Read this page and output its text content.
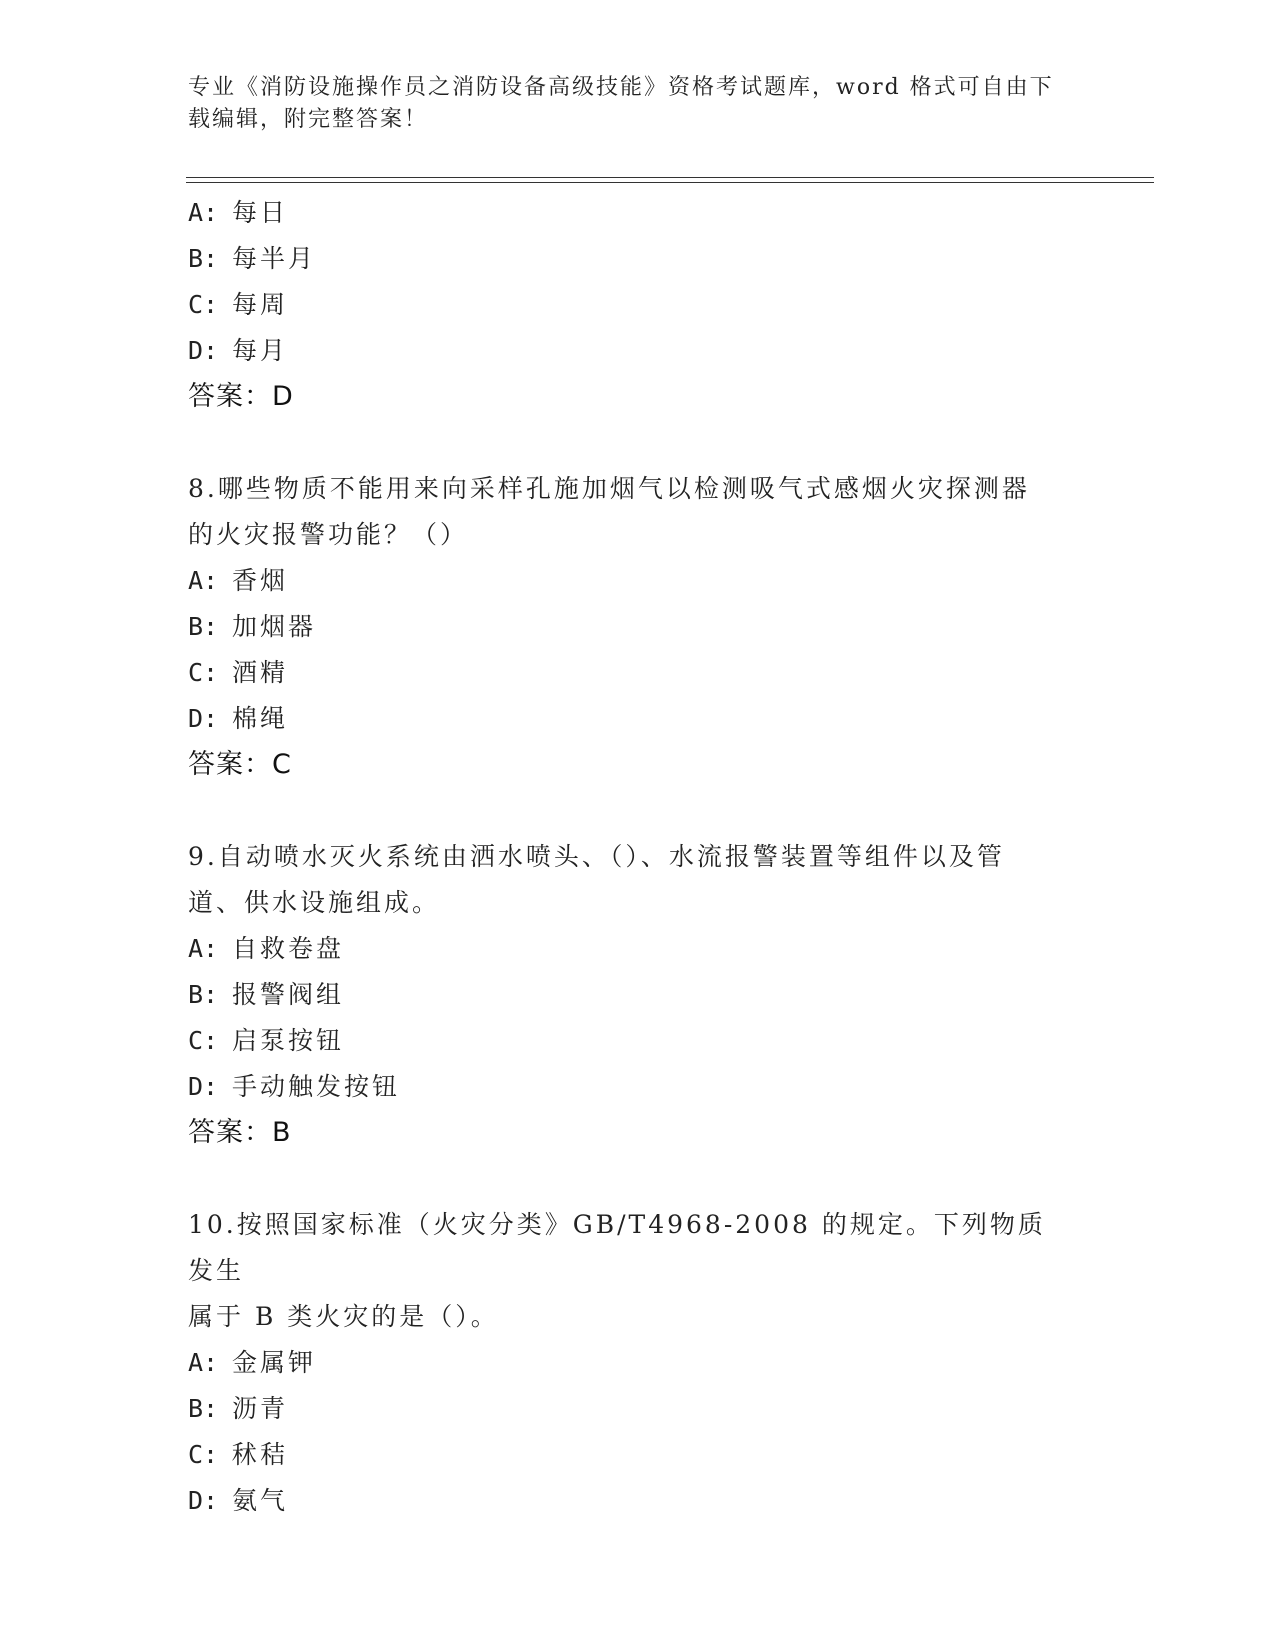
专业《消防设施操作员之消防设备高级技能》资格考试题库，word 格式可自由下
载编辑，附完整答案！
A: 每日
B: 每半月
C: 每周
D: 每月
答案：D
8.哪些物质不能用来向采样孔施加烟气以检测吸气式感烟火灾探测器
的火灾报警功能？（）
A: 香烟
B: 加烟器
C: 酒精
D: 棉绳
答案：C
9.自动喷水灭火系统由洒水喷头、（）、水流报警装置等组件以及管
道、供水设施组成。
A: 自救卷盘
B: 报警阀组
C: 启泵按钮
D: 手动触发按钮
答案：B
10.按照国家标准（火灾分类》GB/T4968-2008 的规定。下列物质发生
属于 B 类火灾的是（）。
A: 金属钾
B: 沥青
C: 秫秸
D: 氨气
